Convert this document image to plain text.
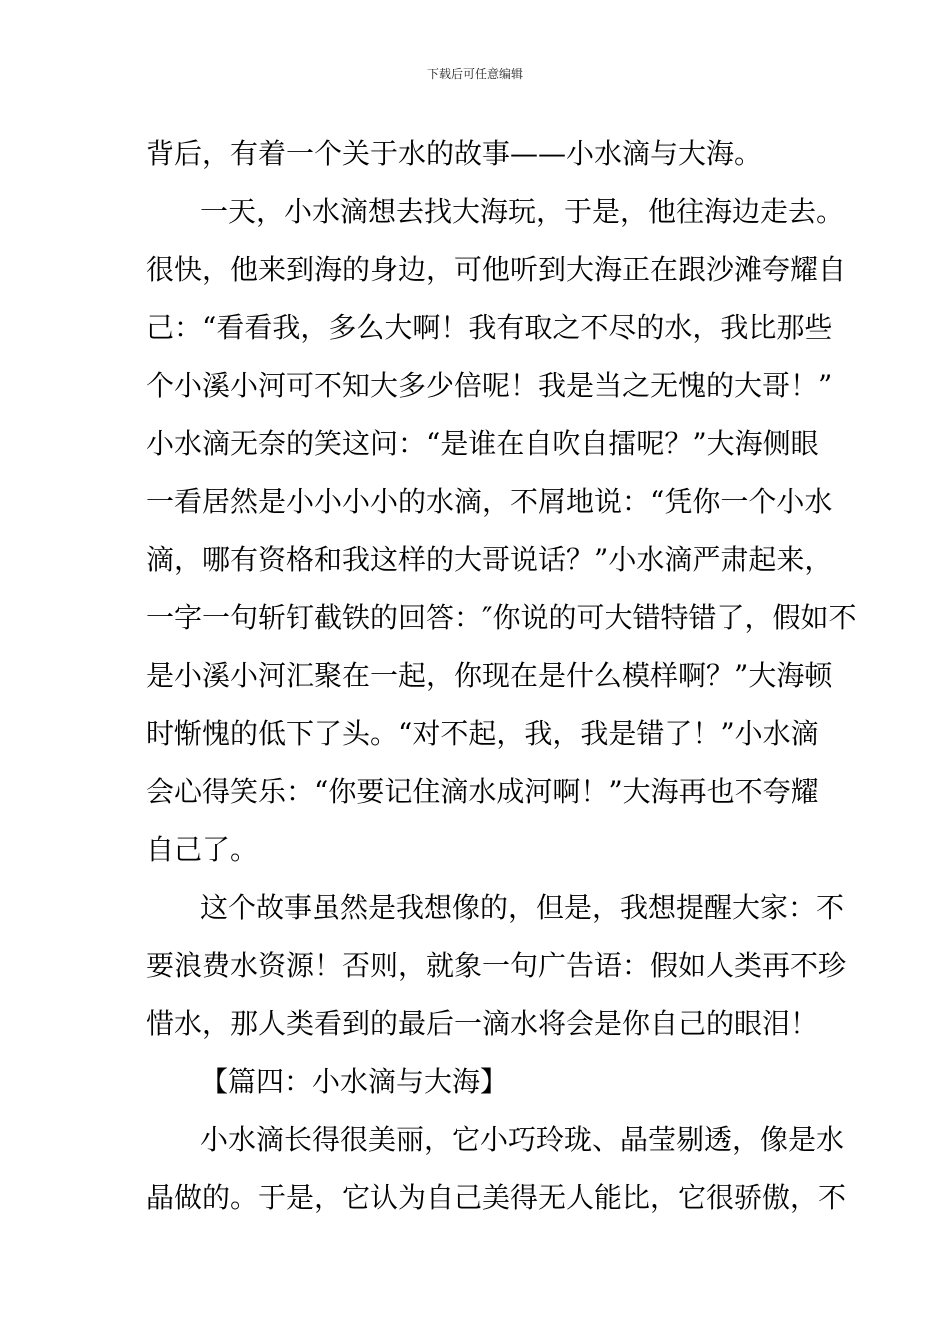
下载后可任意编辑
背后，有着一个关于水的故事——小水滴与大海。
一天，小水滴想去找大海玩，于是，他往海边走去。
很快，他来到海的身边，可他听到大海正在跟沙滩夸耀自
己：“看看我，多么大啊！我有取之不尽的水，我比那些
个小溪小河可不知大多少倍呢！我是当之无愧的大哥！”
小水滴无奈的笑这问：“是谁在自吹自擂呢？”大海侧眼
一看居然是小小小小的水滴，不屑地说：“凭你一个小水
滴，哪有资格和我这样的大哥说话？”小水滴严肃起来，
一字一句斩钉截铁的回答：″你说的可大错特错了，假如不
是小溪小河汇聚在一起，你现在是什么模样啊？”大海顿
时惭愧的低下了头。“对不起，我，我是错了！”小水滴
会心得笑乐：“你要记住滴水成河啊！”大海再也不夸耀
自己了。
这个故事虽然是我想像的，但是，我想提醒大家：不
要浪费水资源！否则，就象一句广告语：假如人类再不珍
惜水，那人类看到的最后一滴水将会是你自己的眼泪！
【篇四：小水滴与大海】
小水滴长得很美丽，它小巧玲珑、晶莹剔透，像是水
晶做的。于是，它认为自己美得无人能比，它很骄傲，不
